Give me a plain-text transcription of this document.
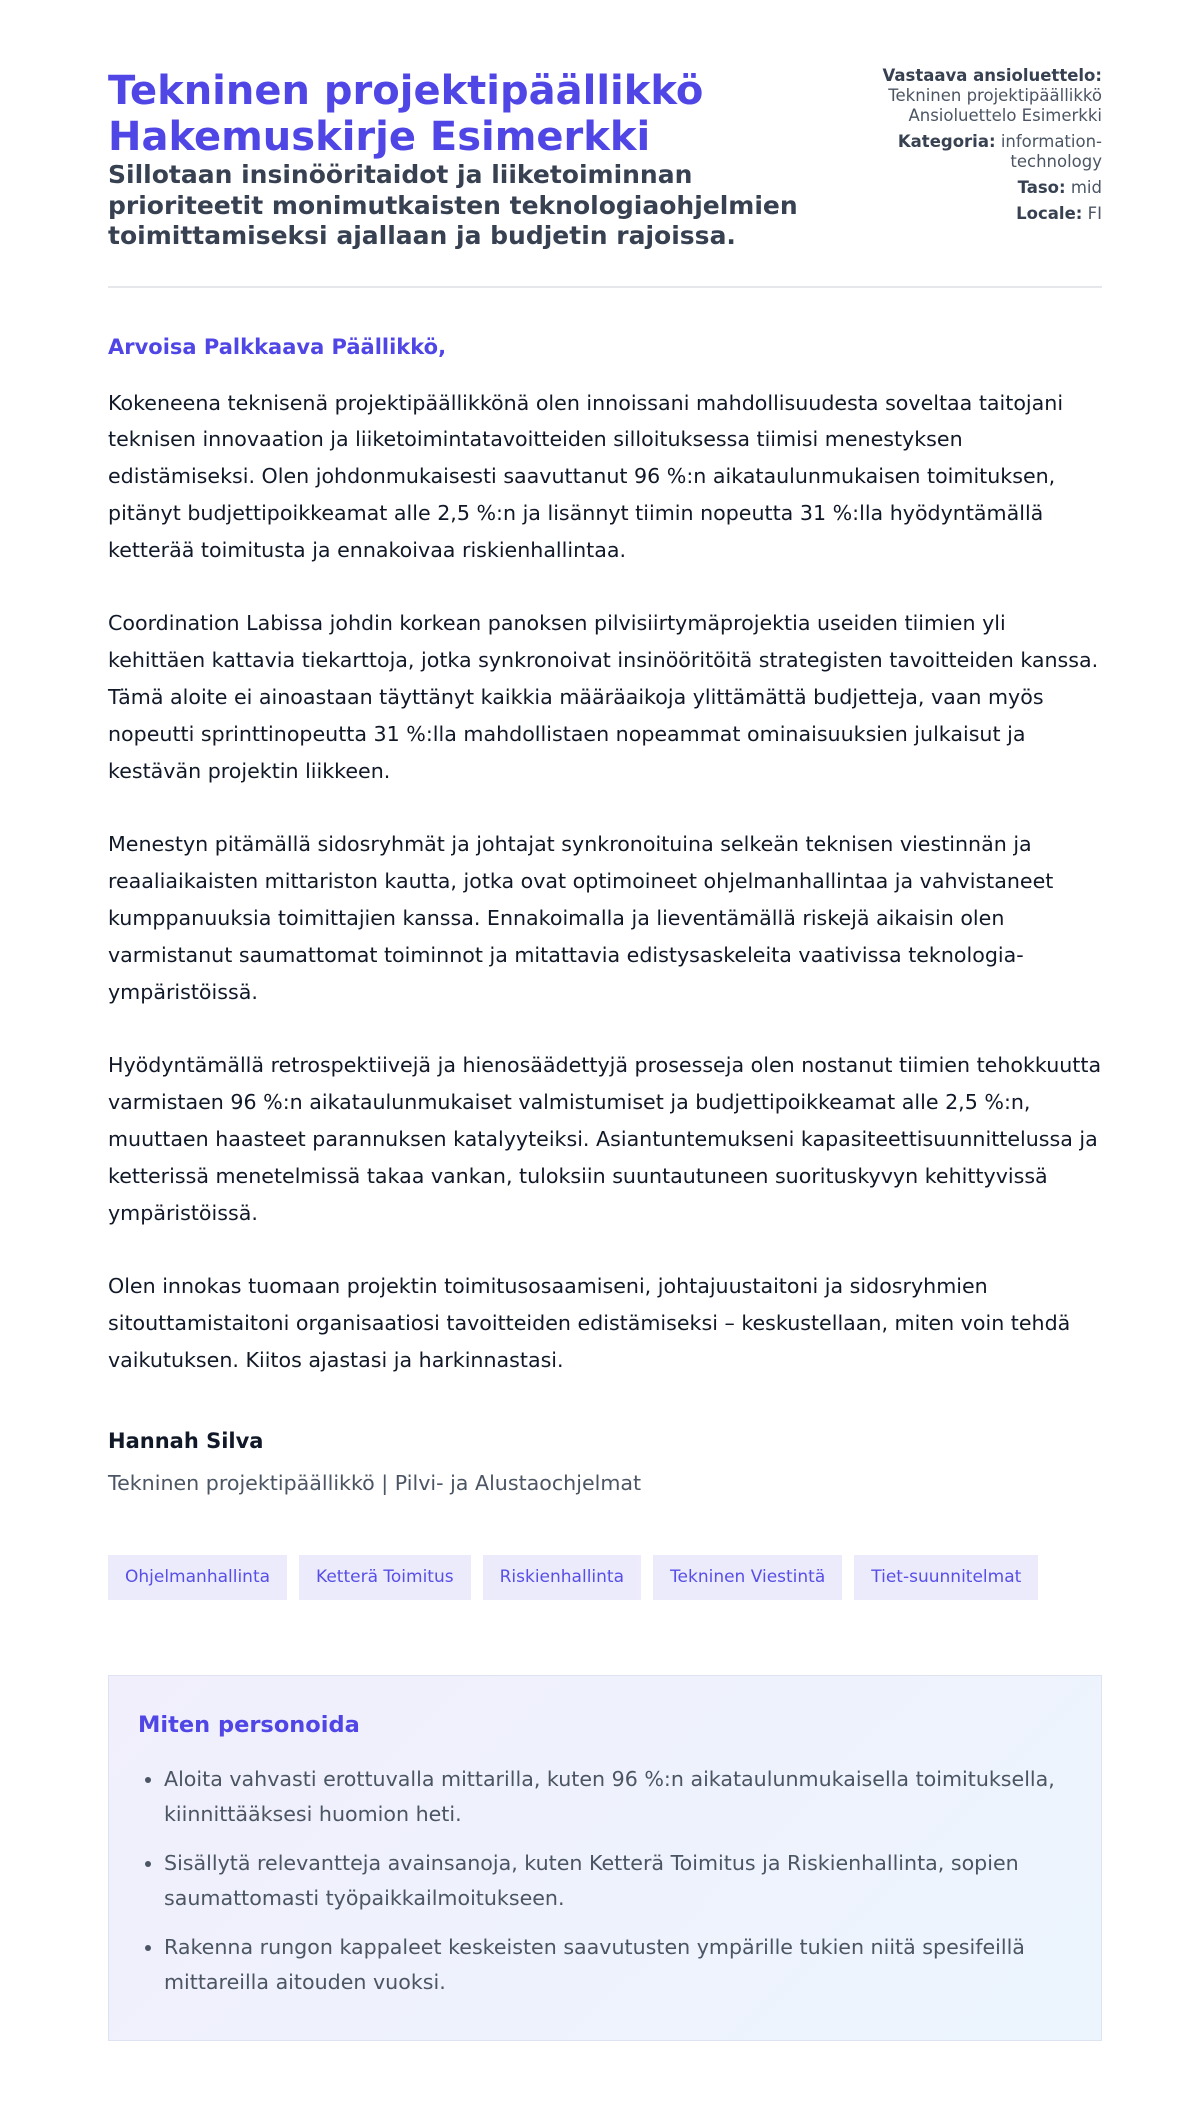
Tekninen projektipäällikkö
Hakemuskirje Esimerkki
Sillotaan insinööritaidot ja liiketoiminnan prioriteetit monimutkaisten teknologiaohjelmien toimittamiseksi ajallaan ja budjetin rajoissa.
Vastaava ansioluettelo:
Tekninen projektipäällikkö Ansioluettelo Esimerkki
Kategoria: information-technology
Taso: mid
Locale: FI
Arvoisa Palkkaava Päällikkö,

Kokeneena teknisenä projektipäällikkönä olen innoissani mahdollisuudesta soveltaa taitojani teknisen innovaation ja liiketoimintatavoitteiden silloituksessa tiimisi menestyksen edistämiseksi. Olen johdonmukaisesti saavuttanut 96 %:n aikataulunmukaisen toimituksen, pitänyt budjettipoikkeamat alle 2,5 %:n ja lisännyt tiimin nopeutta 31 %:lla hyödyntämällä ketterää toimitusta ja ennakoivaa riskienhallintaa.

Coordination Labissa johdin korkean panoksen pilvisiirtymäprojektia useiden tiimien yli kehittäen kattavia tiekarttoja, jotka synkronoivat insinööritöitä strategisten tavoitteiden kanssa. Tämä aloite ei ainoastaan täyttänyt kaikkia määräaikoja ylittämättä budjetteja, vaan myös nopeutti sprinttinopeutta 31 %:lla mahdollistaen nopeammat ominaisuuksien julkaisut ja kestävän projektin liikkeen.

Menestyn pitämällä sidosryhmät ja johtajat synkronoituina selkeän teknisen viestinnän ja reaaliaikaisten mittariston kautta, jotka ovat optimoineet ohjelmanhallintaa ja vahvistaneet kumppanuuksia toimittajien kanssa. Ennakoimalla ja lieventämällä riskejä aikaisin olen varmistanut saumattomat toiminnot ja mitattavia edistysaskeleita vaativissa teknologia-ympäristöissä.

Hyödyntämällä retrospektiivejä ja hienosäädettyjä prosesseja olen nostanut tiimien tehokkuutta varmistaen 96 %:n aikataulunmukaiset valmistumiset ja budjettipoikkeamat alle 2,5 %:n, muuttaen haasteet parannuksen katalyyteiksi. Asiantuntemukseni kapasiteettisuunnittelussa ja ketterissä menetelmissä takaa vankan, tuloksiin suuntautuneen suorituskyvyn kehittyvissä ympäristöissä.

Olen innokas tuomaan projektin toimitusosaamiseni, johtajuustaitoni ja sidosryhmien sitouttamistaitoni organisaatiosi tavoitteiden edistämiseksi – keskustellaan, miten voin tehdä vaikutuksen. Kiitos ajastasi ja harkinnastasi.

Hannah Silva
Tekninen projektipäällikkö | Pilvi- ja Alustaochjelmat
Ohjelmanhallinta	Ketterä Toimitus	Riskienhallinta	Tekninen Viestintä	Tiet-suunnitelmat
Miten personoida
• Aloita vahvasti erottuvalla mittarilla, kuten 96 %:n aikataulunmukaisella toimituksella, kiinnittääksesi huomion heti.
• Sisällytä relevantteja avainsanoja, kuten Ketterä Toimitus ja Riskienhallinta, sopien saumattomasti työpaikkailmoitukseen.
• Rakenna rungon kappaleet keskeisten saavutusten ympärille tukien niitä spesifeillä mittareilla aitouden vuoksi.
